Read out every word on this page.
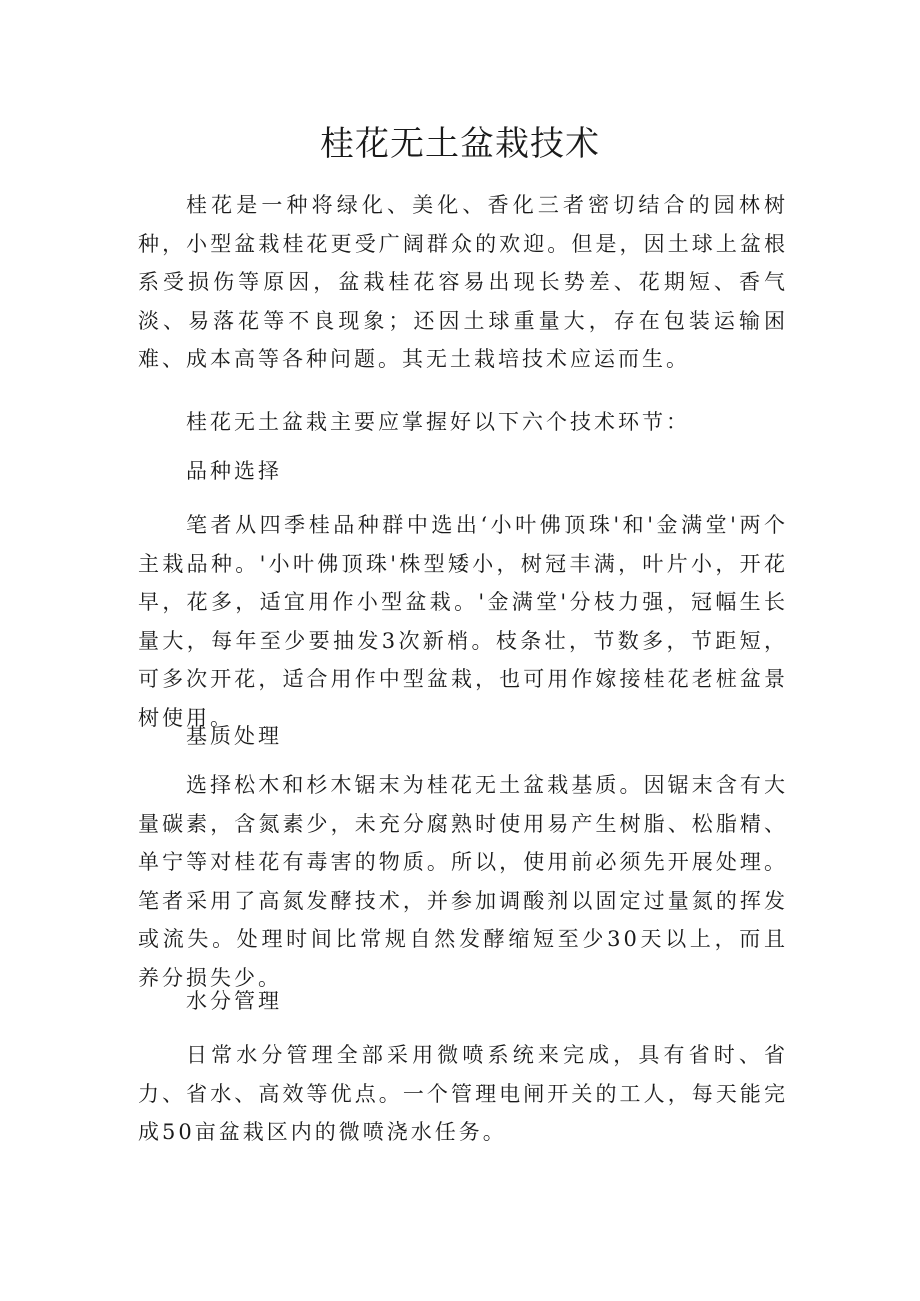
桂花无土盆栽技术

桂花是一种将绿化、美化、香化三者密切结合的园林树种，小型盆栽桂花更受广阔群众的欢迎。但是，因土球上盆根系受损伤等原因，盆栽桂花容易出现长势差、花期短、香气淡、易落花等不良现象；还因土球重量大，存在包装运输困难、成本高等各种问题。其无土栽培技术应运而生。

桂花无土盆栽主要应掌握好以下六个技术环节：

品种选择

笔者从四季桂品种群中选出‘小叶佛顶珠'和'金满堂'两个主栽品种。'小叶佛顶珠'株型矮小，树冠丰满，叶片小，开花早，花多，适宜用作小型盆栽。'金满堂'分枝力强，冠幅生长量大，每年至少要抽发3次新梢。枝条壮，节数多，节距短，可多次开花，适合用作中型盆栽，也可用作嫁接桂花老桩盆景树使用。

基质处理

选择松木和杉木锯末为桂花无土盆栽基质。因锯末含有大量碳素，含氮素少，未充分腐熟时使用易产生树脂、松脂精、单宁等对桂花有毒害的物质。所以，使用前必须先开展处理。笔者采用了高氮发酵技术，并参加调酸剂以固定过量氮的挥发或流失。处理时间比常规自然发酵缩短至少30天以上，而且养分损失少。

水分管理

日常水分管理全部采用微喷系统来完成，具有省时、省力、省水、高效等优点。一个管理电闸开关的工人，每天能完成50亩盆栽区内的微喷浇水任务。
